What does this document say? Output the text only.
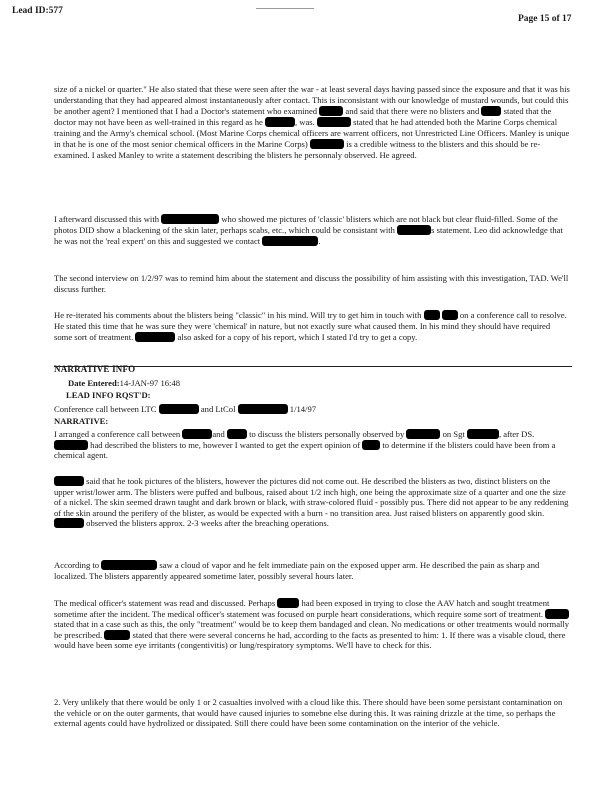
Lead ID:577
Page 15 of 17

size of a nickel or quarter." He also stated that these were seen after the war - at least several days having passed since the exposure and that it was his understanding that they had appeared almost instantaneously after contact. This is inconsistant with our knowledge of mustard wounds, but could this be another agent? I mentioned that I had a Doctor's statement who examined	and said that there were no blisters and	stated that the doctor may not have been as well-trained in this regard as he	, was.	stated that he had attended both the Marine Corps chemical training and the Army's chemical school. (Most Marine Corps chemical officers are warrent officers, not Unrestricted Line Officers. Manley is unique in that he is one of the most senior chemical officers in the Marine Corps)	is a credible witness to the blisters and this should be re-examined. I asked Manley to write a statement describing the blisters he personnaly observed. He agreed.

I afterward discussed this with	who showed me pictures of 'classic' blisters which are not black but clear fluid-filled. Some of the photos DID show a blackening of the skin later, perhaps scabs, etc., which could be consistant with	s statement. Leo did acknowledge that he was not the 'real expert' on this and suggested we contact	.

The second interview on 1/2/97 was to remind him about the statement and discuss the possibility of him assisting with this investigation, TAD. We'll discuss further.

He re-iterated his comments about the blisters being "classic" in his mind. Will try to get him in touch with	on a conference call to resolve. He stated this time that he was sure they were 'chemical' in nature, but not exactly sure what caused them. In his mind they should have required some sort of treatment.	also asked for a copy of his report, which I stated I'd try to get a copy.

NARRATIVE INFO
Date Entered:14-JAN-97 16:48
LEAD INFO RQST'D:
Conference call between LTC	and LtCol	1/14/97
NARRATIVE:

I arranged a conference call between	and	to discuss the blisters personally observed by	on Sgt	, after DS.  had described the blisters to me, however I wanted to get the expert opinion of	to determine if the blisters could have been from a chemical agent.

said that he took pictures of the blisters, however the pictures did not come out. He described the blisters as two, distinct blisters on the upper wrist/lower arm. The blisters were puffed and bulbous, raised about 1/2 inch high, one being the approximate size of a quarter and one the size of a nickel. The skin seemed drawn taught and dark brown or black, with straw-colored fluid - possibly pus. There did not appear to be any reddening of the skin around the perifery of the blister, as would be expected with a burn - no transition area. Just raised blisters on apparently good skin.  observed the blisters approx. 2-3 weeks after the breaching operations.

According to	saw a cloud of vapor and he felt immediate pain on the exposed upper arm. He described the pain as sharp and localized. The blisters apparently appeared sometime later, possibly several hours later.

The medical officer's statement was read and discussed. Perhaps	had been exposed in trying to close the AAV hatch and sought treatment sometime after the incident. The medical officer's statement was focused on purple heart considerations, which require some sort of treatment.  stated that in a case such as this, the only "treatment" would be to keep them bandaged and clean. No medications or other treatments would normally be prescribed.	stated that there were several concerns he had, according to the facts as presented to him: 1. If there was a visable cloud, there would have been some eye irritants (congentivitis) or lung/respiratory symptoms. We'll have to check for this.

2. Very unlikely that there would be only 1 or 2 casualties involved with a cloud like this. There should have been some persistant contamination on the vehicle or on the outer garments, that would have caused injuries to somebne else during this. It was raining drizzle at the time, so perhaps the external agents could have hydrolized or dissipated. Still there could have been some contamination on the interior of the vehicle.
